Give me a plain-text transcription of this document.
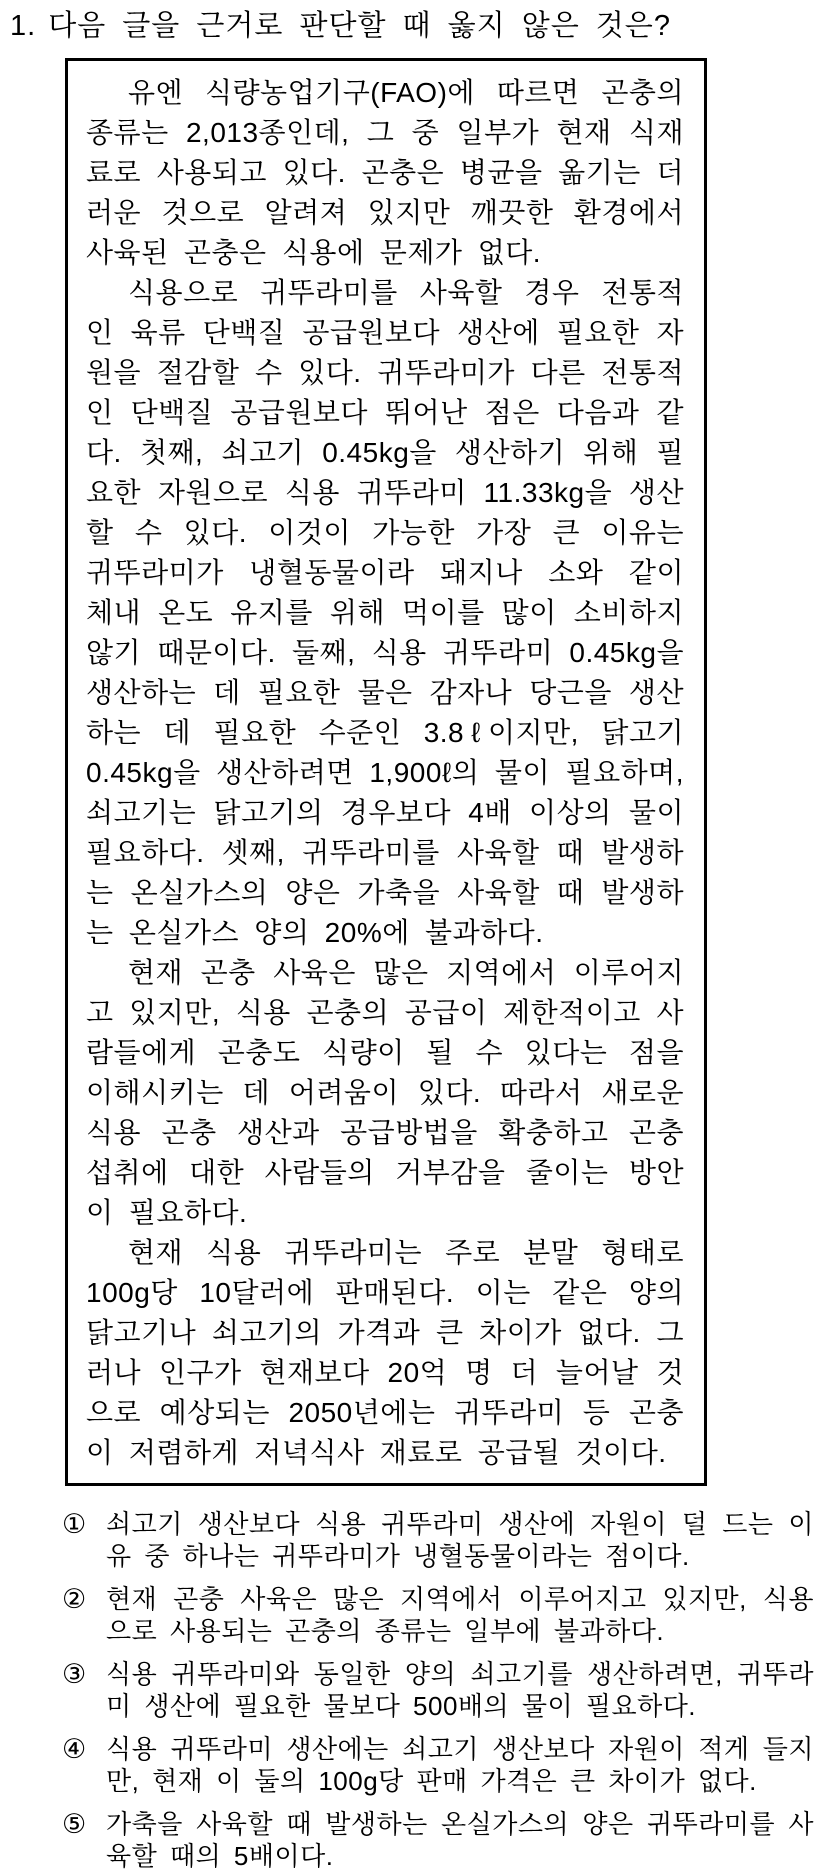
1. 다음 글을 근거로 판단할 때 옳지 않은 것은?

유엔 식량농업기구(FAO)에 따르면 곤충의 종류는 2,013종인데, 그 중 일부가 현재 식재료로 사용되고 있다. 곤충은 병균을 옮기는 더러운 것으로 알려져 있지만 깨끗한 환경에서 사육된 곤충은 식용에 문제가 없다.

식용으로 귀뚜라미를 사육할 경우 전통적인 육류 단백질 공급원보다 생산에 필요한 자원을 절감할 수 있다. 귀뚜라미가 다른 전통적인 단백질 공급원보다 뛰어난 점은 다음과 같다. 첫째, 쇠고기 0.45kg을 생산하기 위해 필요한 자원으로 식용 귀뚜라미 11.33kg을 생산할 수 있다. 이것이 가능한 가장 큰 이유는 귀뚜라미가 냉혈동물이라 돼지나 소와 같이 체내 온도 유지를 위해 먹이를 많이 소비하지 않기 때문이다. 둘째, 식용 귀뚜라미 0.45kg을 생산하는 데 필요한 물은 감자나 당근을 생산하는 데 필요한 수준인 3.8ℓ이지만, 닭고기 0.45kg을 생산하려면 1,900ℓ의 물이 필요하며, 쇠고기는 닭고기의 경우보다 4배 이상의 물이 필요하다. 셋째, 귀뚜라미를 사육할 때 발생하는 온실가스의 양은 가축을 사육할 때 발생하는 온실가스 양의 20%에 불과하다.

현재 곤충 사육은 많은 지역에서 이루어지고 있지만, 식용 곤충의 공급이 제한적이고 사람들에게 곤충도 식량이 될 수 있다는 점을 이해시키는 데 어려움이 있다. 따라서 새로운 식용 곤충 생산과 공급방법을 확충하고 곤충 섭취에 대한 사람들의 거부감을 줄이는 방안이 필요하다.

현재 식용 귀뚜라미는 주로 분말 형태로 100g당 10달러에 판매된다. 이는 같은 양의 닭고기나 쇠고기의 가격과 큰 차이가 없다. 그러나 인구가 현재보다 20억 명 더 늘어날 것으로 예상되는 2050년에는 귀뚜라미 등 곤충이 저렴하게 저녁식사 재료로 공급될 것이다.

① 쇠고기 생산보다 식용 귀뚜라미 생산에 자원이 덜 드는 이유 중 하나는 귀뚜라미가 냉혈동물이라는 점이다.
② 현재 곤충 사육은 많은 지역에서 이루어지고 있지만, 식용으로 사용되는 곤충의 종류는 일부에 불과하다.
③ 식용 귀뚜라미와 동일한 양의 쇠고기를 생산하려면, 귀뚜라미 생산에 필요한 물보다 500배의 물이 필요하다.
④ 식용 귀뚜라미 생산에는 쇠고기 생산보다 자원이 적게 들지만, 현재 이 둘의 100g당 판매 가격은 큰 차이가 없다.
⑤ 가축을 사육할 때 발생하는 온실가스의 양은 귀뚜라미를 사육할 때의 5배이다.
